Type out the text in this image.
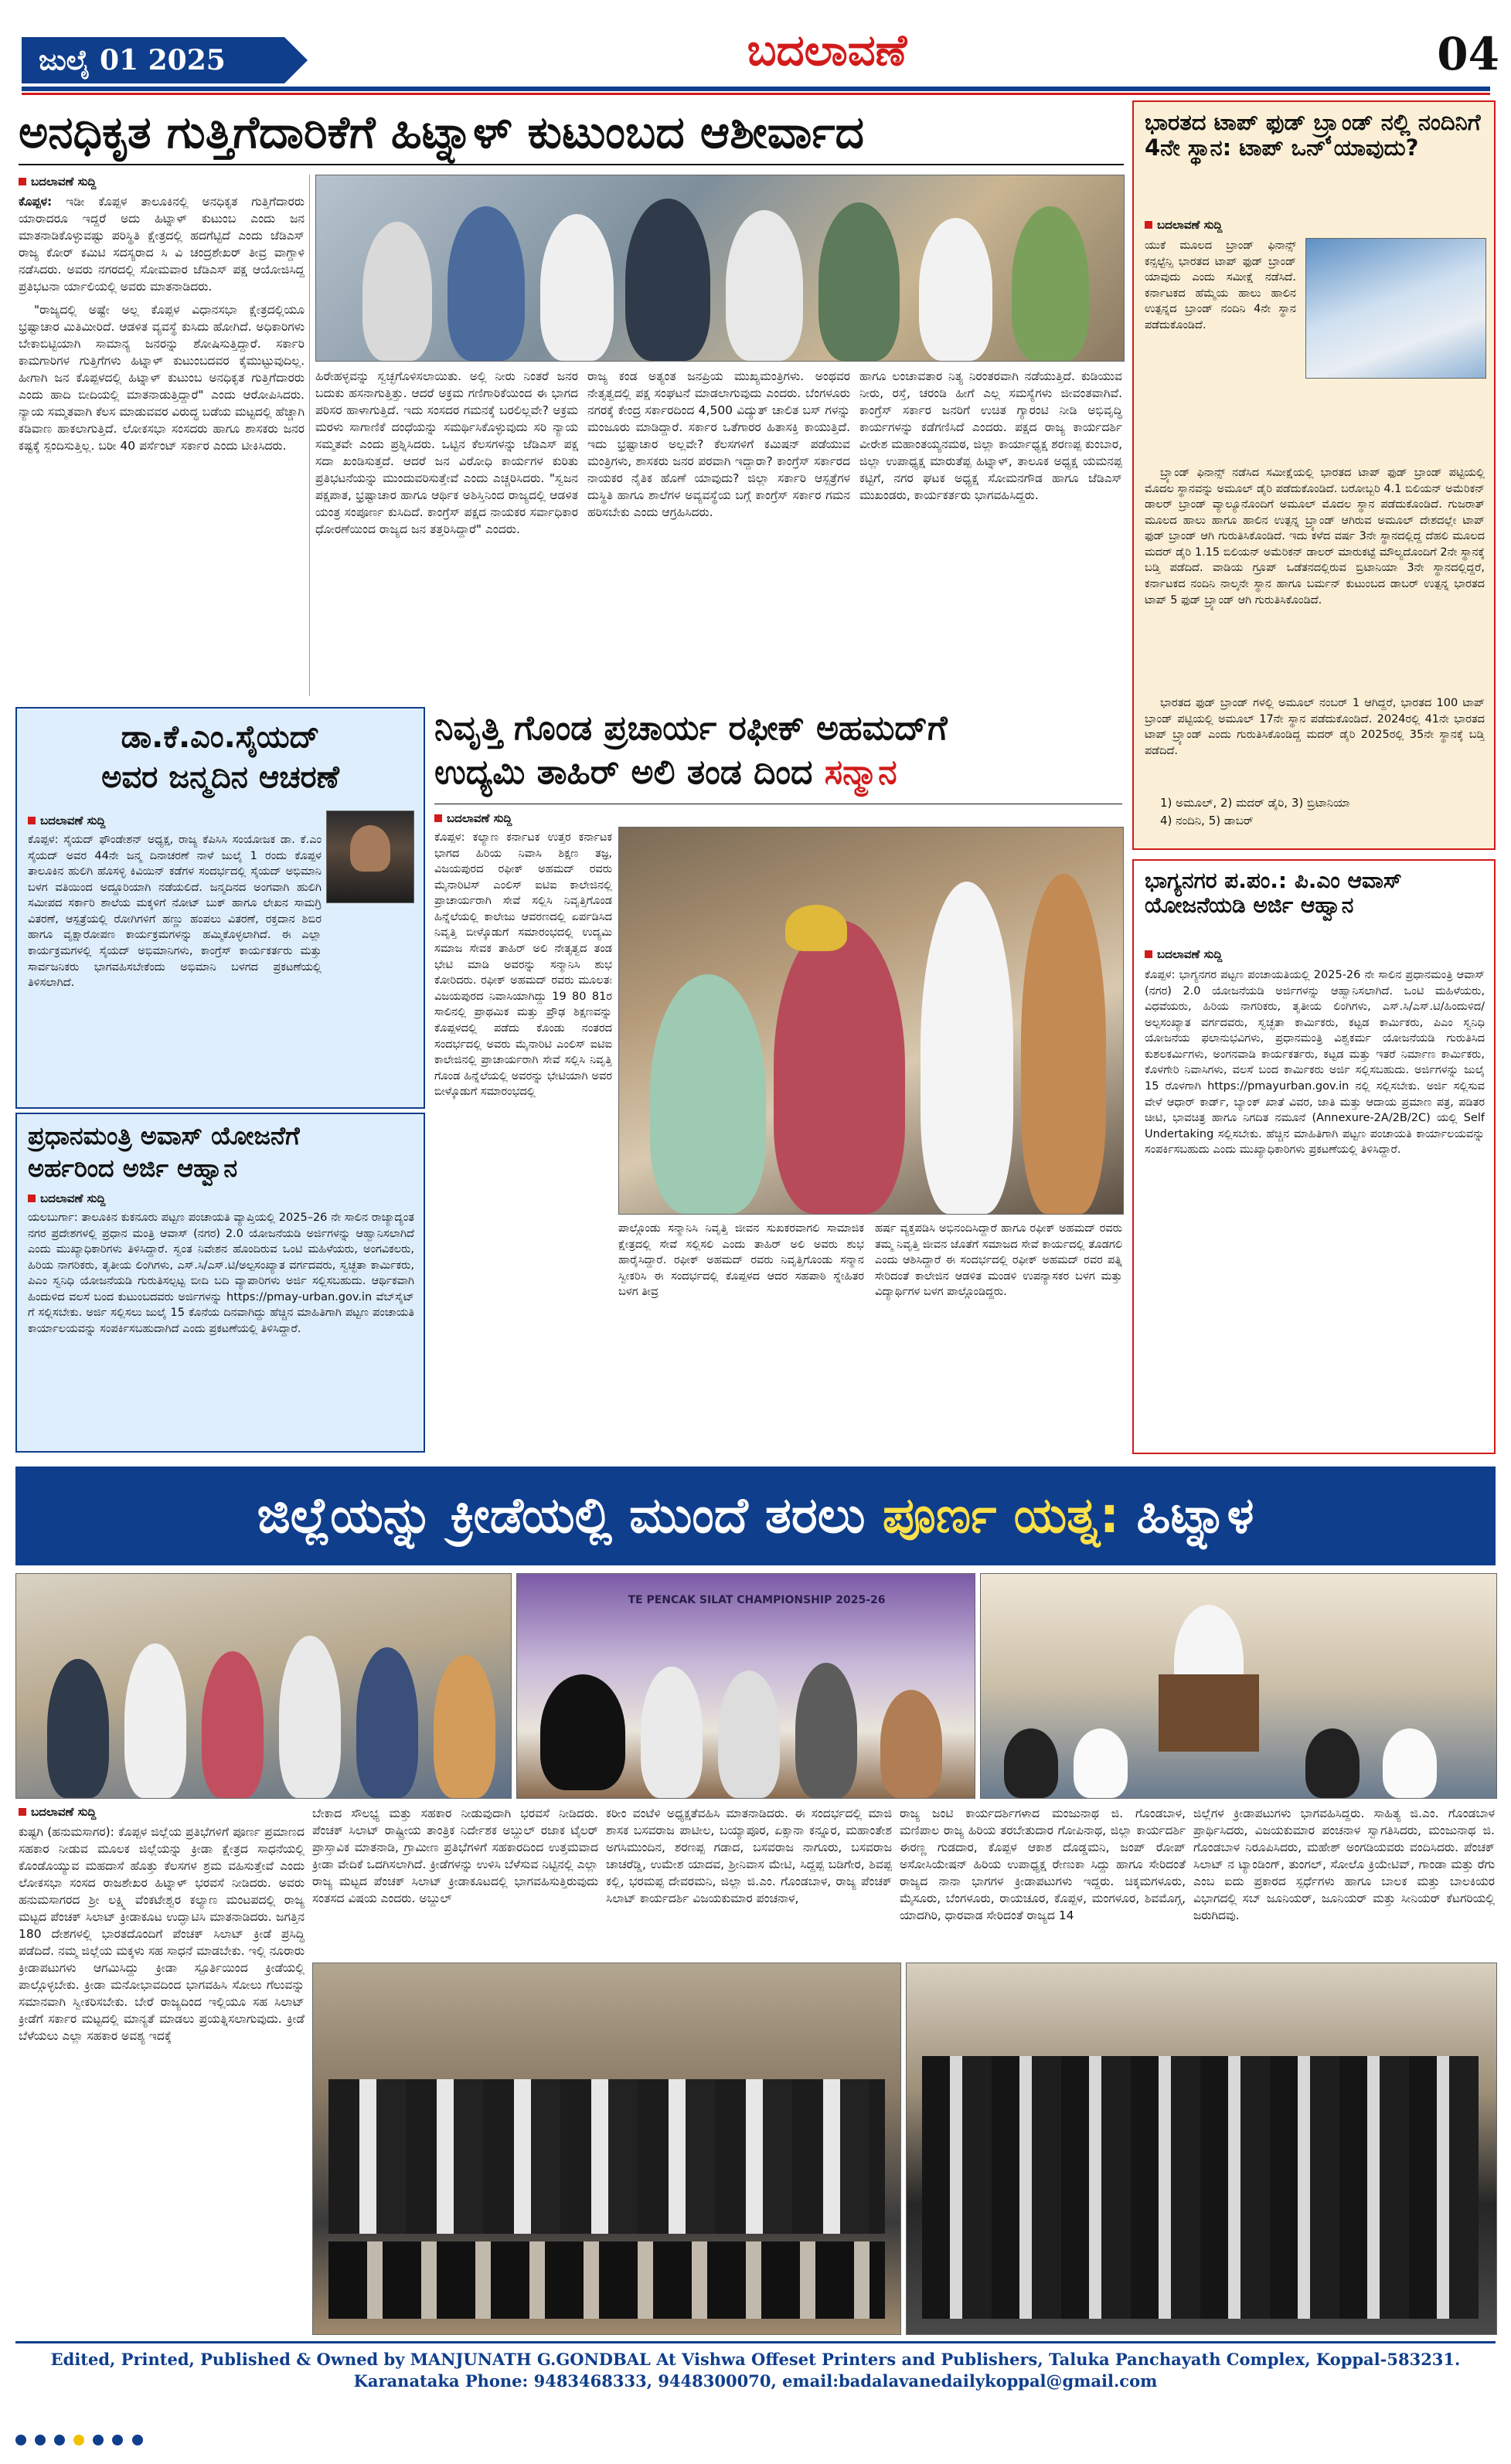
ಜುಲೈ 01 2025	ಬದಲಾವಣೆ	04
ಅನಧಿಕೃತ ಗುತ್ತಿಗೆದಾರಿಕೆಗೆ ಹಿಟ್ನಾಳ್ ಕುಟುಂಬದ ಆಶೀರ್ವಾದ
ಬದಲಾವಣೆ ಸುದ್ದಿ
ಕೊಪ್ಪಳ: ಇಡೀ ಕೊಪ್ಪಳ ತಾಲೂಕಿನಲ್ಲಿ ಅನಧಿಕೃತ ಗುತ್ತಿಗೆದಾರರು ಯಾರಾದರೂ ಇದ್ದರೆ ಅದು ಹಿಟ್ನಾಳ್ ಕುಟುಂಬ ಎಂದು ಜನ ಮಾತನಾಡಿಕೊಳ್ಳುವಷ್ಟು ಪರಿಸ್ಥಿತಿ ಕ್ಷೇತ್ರದಲ್ಲಿ ಹದಗೆಟ್ಟಿದೆ ಎಂದು ಜೆಡಿಎಸ್ ರಾಜ್ಯ ಕೋರ್ ಕಮಿಟಿ ಸದಸ್ಯರಾದ ಸಿ ವಿ ಚಂದ್ರಶೇಖರ್ ತೀವ್ರ ವಾಗ್ದಾಳಿ ನಡೆಸಿದರು. ಅವರು ನಗರದಲ್ಲಿ ಸೋಮವಾರ ಜೆಡಿಎಸ್ ಪಕ್ಷ ಆಯೋಜಿಸಿದ್ದ ಪ್ರತಿಭಟನಾ ರ್ಯಾಲಿಯಲ್ಲಿ ಅವರು ಮಾತನಾಡಿದರು.
"ರಾಜ್ಯದಲ್ಲಿ ಅಷ್ಟೇ ಅಲ್ಲ ಕೊಪ್ಪಳ ವಿಧಾನಸಭಾ ಕ್ಷೇತ್ರದಲ್ಲಿಯೂ ಭ್ರಷ್ಟಾಚಾರ ಮಿತಿಮೀರಿದೆ. ಆಡಳಿತ ವ್ಯವಸ್ಥೆ ಕುಸಿದು ಹೋಗಿದೆ. ಅಧಿಕಾರಿಗಳು ಬೇಕಾಬಿಟ್ಟಿಯಾಗಿ ಸಾಮಾನ್ಯ ಜನರನ್ನು ಶೋಷಿಸುತ್ತಿದ್ದಾರೆ. ಸರ್ಕಾರಿ ಕಾಮಗಾರಿಗಳ ಗುತ್ತಿಗೆಗಳು ಹಿಟ್ನಾಳ್ ಕುಟುಂಬದವರ ಕೈಮುಟ್ಟುವುದಿಲ್ಲ. ಹೀಗಾಗಿ ಜನ ಕೊಪ್ಪಳದಲ್ಲಿ ಹಿಟ್ನಾಳ್ ಕುಟುಂಬ ಅನಧಿಕೃತ ಗುತ್ತಿಗೆದಾರರು ಎಂದು ಹಾದಿ ಬೀದಿಯಲ್ಲಿ ಮಾತನಾಡುತ್ತಿದ್ದಾರೆ" ಎಂದು ಆರೋಪಿಸಿದರು. ನ್ಯಾಯ ಸಮ್ಮತವಾಗಿ ಕೆಲಸ ಮಾಡುವವರ ವಿರುದ್ಧ ಬಡೆಯ ಮಟ್ಟದಲ್ಲಿ ಹೆಚ್ಚಾಗಿ ಕಡಿವಾಣ ಹಾಕಲಾಗುತ್ತಿದೆ. ಲೋಕಸಭಾ ಸಂಸದರು ಹಾಗೂ ಶಾಸಕರು ಜನರ ಕಷ್ಟಕ್ಕೆ ಸ್ಪಂದಿಸುತ್ತಿಲ್ಲ. ಬರೀ 40 ಪರ್ಸೆಂಟ್ ಸರ್ಕಾರ ಎಂದು ಟೀಕಿಸಿದರು.
ಹಿರೇಹಳ್ಳವನ್ನು ಸ್ವಚ್ಛಗೊಳಿಸಲಾಯಿತು. ಅಲ್ಲಿ ನೀರು ನಿಂತರೆ ಜನರ ಬದುಕು ಹಸನಾಗುತ್ತಿತ್ತು. ಆದರೆ ಅಕ್ರಮ ಗಣಿಗಾರಿಕೆಯಿಂದ ಈ ಭಾಗದ ಪರಿಸರ ಹಾಳಾಗುತ್ತಿದೆ. ಇದು ಸಂಸದರ ಗಮನಕ್ಕೆ ಬರಲಿಲ್ಲವೇ? ಅಕ್ರಮ ಮರಳು ಸಾಗಾಣಿಕೆ ದಂಧೆಯನ್ನು ಸಮರ್ಥಿಸಿಕೊಳ್ಳುವುದು ಸರಿ ನ್ಯಾಯ ಸಮ್ಮತವೇ ಎಂದು ಪ್ರಶ್ನಿಸಿದರು. ಒಟ್ಟಿನ ಕೆಲಸಗಳನ್ನು ಜೆಡಿಎಸ್ ಪಕ್ಷ ಸದಾ ಖಂಡಿಸುತ್ತದೆ. ಆದರೆ ಜನ ವಿರೋಧಿ ಕಾರ್ಯಗಳ ಕುರಿತು ಪ್ರತಿಭಟನೆಯನ್ನು ಮುಂದುವರಿಸುತ್ತೇವೆ ಎಂದು ಎಚ್ಚರಿಸಿದರು. "ಸ್ವಜನ ಪಕ್ಷಪಾತ, ಭ್ರಷ್ಟಾಚಾರ ಹಾಗೂ ಆರ್ಥಿಕ ಅಶಿಸ್ತಿನಿಂದ ರಾಜ್ಯದಲ್ಲಿ ಆಡಳಿತ ಯಂತ್ರ ಸಂಪೂರ್ಣ ಕುಸಿದಿದೆ. ಕಾಂಗ್ರೆಸ್ ಪಕ್ಷದ ನಾಯಕರ ಸರ್ವಾಧಿಕಾರ ಧೋರಣೆಯಿಂದ ರಾಜ್ಯದ ಜನ ತತ್ತರಿಸಿದ್ದಾರೆ" ಎಂದರು.
ರಾಜ್ಯ ಕಂಡ ಅತ್ಯಂತ ಜನಪ್ರಿಯ ಮುಖ್ಯಮಂತ್ರಿಗಳು. ಅಂಥವರ ನೇತೃತ್ವದಲ್ಲಿ ಪಕ್ಷ ಸಂಘಟನೆ ಮಾಡಲಾಗುವುದು ಎಂದರು. ಬೆಂಗಳೂರು ನಗರಕ್ಕೆ ಕೇಂದ್ರ ಸರ್ಕಾರದಿಂದ 4,500 ವಿದ್ಯುತ್ ಚಾಲಿತ ಬಸ್ ಗಳನ್ನು ಮಂಜೂರು ಮಾಡಿದ್ದಾರೆ. ಸರ್ಕಾರ ಒತೆಗಾರರ ಹಿತಾಸಕ್ತಿ ಕಾಯುತ್ತಿದೆ. ಇದು ಭ್ರಷ್ಟಾಚಾರ ಅಲ್ಲವೇ? ಕೆಲಸಗಳಿಗೆ ಕಮಿಷನ್ ಪಡೆಯುವ ಮಂತ್ರಿಗಳು, ಶಾಸಕರು ಜನರ ಪರವಾಗಿ ಇದ್ದಾರಾ? ಕಾಂಗ್ರೆಸ್ ಸರ್ಕಾರದ ನಾಯಕರ ನೈತಿಕ ಹೊಣೆ ಯಾವುದು? ಜಿಲ್ಲಾ ಸರ್ಕಾರಿ ಆಸ್ಪತ್ರೆಗಳ ದುಸ್ಥಿತಿ ಹಾಗೂ ಶಾಲೆಗಳ ಅವ್ಯವಸ್ಥೆಯ ಬಗ್ಗೆ ಕಾಂಗ್ರೆಸ್ ಸರ್ಕಾರ ಗಮನ ಹರಿಸಬೇಕು ಎಂದು ಆಗ್ರಹಿಸಿದರು.
ಹಾಗೂ ಲಂಚಾವತಾರ ನಿತ್ಯ ನಿರಂತರವಾಗಿ ನಡೆಯುತ್ತಿದೆ. ಕುಡಿಯುವ ನೀರು, ರಸ್ತೆ, ಚರಂಡಿ ಹೀಗೆ ಎಲ್ಲ ಸಮಸ್ಯೆಗಳು ಜೀವಂತವಾಗಿವೆ. ಕಾಂಗ್ರೆಸ್ ಸರ್ಕಾರ ಜನರಿಗೆ ಉಚಿತ ಗ್ಯಾರಂಟಿ ನೀಡಿ ಅಭಿವೃದ್ಧಿ ಕಾರ್ಯಗಳನ್ನು ಕಡೆಗಣಿಸಿದೆ ಎಂದರು. ಪಕ್ಷದ ರಾಜ್ಯ ಕಾರ್ಯದರ್ಶಿ ವೀರೇಶ ಮಹಾಂತಯ್ಯನಮಠ, ಜಿಲ್ಲಾ ಕಾರ್ಯಾಧ್ಯಕ್ಷ ಶರಣಪ್ಪ ಕುಂಬಾರ, ಜಿಲ್ಲಾ ಉಪಾಧ್ಯಕ್ಷ ಮಾರುತೆಪ್ಪ ಹಿಟ್ನಾಳ್, ತಾಲೂಕ ಅಧ್ಯಕ್ಷ ಯಮನಪ್ಪ ಕಟ್ಟಿಗೆ, ನಗರ ಘಟಕ ಅಧ್ಯಕ್ಷ ಸೋಮನಗೌಡ ಹಾಗೂ ಜೆಡಿಎಸ್ ಮುಖಂಡರು, ಕಾರ್ಯಕರ್ತರು ಭಾಗವಹಿಸಿದ್ದರು.
ಭಾರತದ ಟಾಪ್ ಫುಡ್ ಬ್ರ್ಯಾಂಡ್ ನಲ್ಲಿ ನಂದಿನಿಗೆ 4ನೇ ಸ್ಥಾನ: ಟಾಪ್ ಒನ್ ಯಾವುದು?
ಬದಲಾವಣೆ ಸುದ್ದಿ
ಯುಕೆ ಮೂಲದ ಬ್ರಾಂಡ್ ಫಿನಾನ್ಸ್ ಕನ್ಸಲ್ಟೆನ್ಸಿ ಭಾರತದ ಟಾಪ್ ಫುಡ್ ಬ್ರಾಂಡ್ ಯಾವುದು ಎಂದು ಸಮೀಕ್ಷೆ ನಡೆಸಿದೆ. ಕರ್ನಾಟಕದ ಹೆಮ್ಮೆಯ ಹಾಲು ಹಾಲಿನ ಉತ್ಪನ್ನದ ಬ್ರಾಂಡ್ ನಂದಿನಿ 4ನೇ ಸ್ಥಾನ ಪಡೆದುಕೊಂಡಿದೆ.
ಬ್ರ್ಯಾಂಡ್ ಫಿನಾನ್ಸ್ ನಡೆಸಿದ ಸಮೀಕ್ಷೆಯಲ್ಲಿ ಭಾರತದ ಟಾಪ್ ಫುಡ್ ಬ್ರಾಂಡ್ ಪಟ್ಟಿಯಲ್ಲಿ ಮೊದಲ ಸ್ಥಾನವನ್ನು ಅಮೂಲ್ ಡೈರಿ ಪಡೆದುಕೊಂಡಿದೆ. ಬರೋಬ್ಬರಿ 4.1 ಬಿಲಿಯನ್ ಅಮೆರಿಕನ್ ಡಾಲರ್ ಬ್ರಾಂಡ್ ವ್ಯಾಲ್ಯೂನೊಂದಿಗೆ ಅಮೂಲ್ ಮೊದಲ ಸ್ಥಾನ ಪಡೆದುಕೊಂಡಿದೆ. ಗುಜರಾತ್ ಮೂಲದ ಹಾಲು ಹಾಗೂ ಹಾಲಿನ ಉತ್ಪನ್ನ ಬ್ರ್ಯಾಂಡ್ ಆಗಿರುವ ಅಮೂಲ್ ದೇಶದಲ್ಲೇ ಟಾಪ್ ಫುಡ್ ಬ್ರಾಂಡ್ ಆಗಿ ಗುರುತಿಸಿಕೊಂಡಿದೆ. ಇದು ಕಳೆದ ವರ್ಷ 3ನೇ ಸ್ಥಾನದಲ್ಲಿದ್ದ ದೆಹಲಿ ಮೂಲದ ಮದರ್ ಡೈರಿ 1.15 ಬಿಲಿಯನ್ ಅಮೆರಿಕನ್ ಡಾಲರ್ ಮಾರುಕಟ್ಟೆ ಮೌಲ್ಯದೊಂದಿಗೆ 2ನೇ ಸ್ಥಾನಕ್ಕೆ ಬಡ್ತಿ ಪಡೆದಿದೆ. ವಾಡಿಯ ಗ್ರೂಪ್ ಒಡೆತನದಲ್ಲಿರುವ ಬ್ರಿಟಾನಿಯಾ 3ನೇ ಸ್ಥಾನದಲ್ಲಿದ್ದರೆ, ಕರ್ನಾಟಕದ ನಂದಿನಿ ನಾಲ್ಕನೇ ಸ್ಥಾನ ಹಾಗೂ ಬರ್ಮನ್ ಕುಟುಂಬದ ಡಾಬರ್ ಉತ್ಪನ್ನ ಭಾರತದ ಟಾಪ್ 5 ಫುಡ್ ಬ್ರ್ಯಾಂಡ್ ಆಗಿ ಗುರುತಿಸಿಕೊಂಡಿದೆ.
ಭಾರತದ ಫುಡ್ ಬ್ರಾಂಡ್ ಗಳಲ್ಲಿ ಅಮೂಲ್ ನಂಬರ್ 1 ಆಗಿದ್ದರೆ, ಭಾರತದ 100 ಟಾಪ್ ಬ್ರಾಂಡ್ ಪಟ್ಟಿಯಲ್ಲಿ ಅಮೂಲ್ 17ನೇ ಸ್ಥಾನ ಪಡೆದುಕೊಂಡಿದೆ. 2024ರಲ್ಲಿ 41ನೇ ಭಾರತದ ಟಾಪ್ ಬ್ರ್ಯಾಂಡ್ ಎಂದು ಗುರುತಿಸಿಕೊಂಡಿದ್ದ ಮದರ್ ಡೈರಿ 2025ರಲ್ಲಿ 35ನೇ ಸ್ಥಾನಕ್ಕೆ ಬಡ್ತಿ ಪಡೆದಿದೆ.
1) ಅಮೂಲ್, 2) ಮದರ್ ಡೈರಿ, 3) ಬ್ರಿಟಾನಿಯಾ
4) ನಂದಿನಿ, 5) ಡಾಬರ್
ಭಾಗ್ಯನಗರ ಪ.ಪಂ.: ಪಿ.ಎಂ ಆವಾಸ್ ಯೋಜನೆಯಡಿ ಅರ್ಜಿ ಆಹ್ವಾನ
ಬದಲಾವಣೆ ಸುದ್ದಿ
ಕೊಪ್ಪಳ: ಭಾಗ್ಯನಗರ ಪಟ್ಟಣ ಪಂಚಾಯತಿಯಲ್ಲಿ 2025-26 ನೇ ಸಾಲಿನ ಪ್ರಧಾನಮಂತ್ರಿ ಆವಾಸ್ (ನಗರ) 2.0 ಯೋಜನೆಯಡಿ ಅರ್ಜಿಗಳನ್ನು ಆಹ್ವಾನಿಸಲಾಗಿದೆ. ಒಂಟಿ ಮಹಿಳೆಯರು, ವಿಧವೆಯರು, ಹಿರಿಯ ನಾಗರಿಕರು, ತೃತೀಯ ಲಿಂಗಿಗಳು, ಎಸ್.ಸಿ/ಎಸ್.ಟಿ/ಹಿಂದುಳಿದ/ಅಲ್ಪಸಂಖ್ಯಾತ ವರ್ಗದವರು, ಸ್ವಚ್ಛತಾ ಕಾರ್ಮಿಕರು, ಕಟ್ಟಡ ಕಾರ್ಮಿಕರು, ಪಿಎಂ ಸ್ವನಿಧಿ ಯೋಜನೆಯ ಫಲಾನುಭವಿಗಳು, ಪ್ರಧಾನಮಂತ್ರಿ ವಿಶ್ವಕರ್ಮ ಯೋಜನೆಯಡಿ ಗುರುತಿಸಿದ ಕುಶಲಕರ್ಮಿಗಳು, ಅಂಗನವಾಡಿ ಕಾರ್ಯಕರ್ತರು, ಕಟ್ಟಡ ಮತ್ತು ಇತರೆ ನಿರ್ಮಾಣ ಕಾರ್ಮಿಕರು, ಕೊಳಗೇರಿ ನಿವಾಸಿಗಳು, ವಲಸೆ ಬಂದ ಕಾರ್ಮಿಕರು ಅರ್ಜಿ ಸಲ್ಲಿಸಬಹುದು. ಅರ್ಜಿಗಳನ್ನು ಜುಲೈ 15 ರೊಳಗಾಗಿ https://pmayurban.gov.in ನಲ್ಲಿ ಸಲ್ಲಿಸಬೇಕು. ಅರ್ಜಿ ಸಲ್ಲಿಸುವ ವೇಳೆ ಆಧಾರ್ ಕಾರ್ಡ್, ಬ್ಯಾಂಕ್ ಖಾತೆ ವಿವರ, ಜಾತಿ ಮತ್ತು ಆದಾಯ ಪ್ರಮಾಣ ಪತ್ರ, ಪಡಿತರ ಚೀಟಿ, ಭಾವಚಿತ್ರ ಹಾಗೂ ನಿಗದಿತ ನಮೂನೆ (Annexure-2A/2B/2C) ಯಲ್ಲಿ Self Undertaking ಸಲ್ಲಿಸಬೇಕು. ಹೆಚ್ಚಿನ ಮಾಹಿತಿಗಾಗಿ ಪಟ್ಟಣ ಪಂಚಾಯತಿ ಕಾರ್ಯಾಲಯವನ್ನು ಸಂಪರ್ಕಿಸಬಹುದು ಎಂದು ಮುಖ್ಯಾಧಿಕಾರಿಗಳು ಪ್ರಕಟಣೆಯಲ್ಲಿ ತಿಳಿಸಿದ್ದಾರೆ.
ಡಾ.ಕೆ.ಎಂ.ಸೈಯದ್
ಅವರ ಜನ್ಮದಿನ ಆಚರಣೆ
ಬದಲಾವಣೆ ಸುದ್ದಿ
ಕೊಪ್ಪಳ: ಸೈಯದ್ ಫೌಂಡೇಶನ್ ಅಧ್ಯಕ್ಷ, ರಾಜ್ಯ ಕೆಪಿಸಿಸಿ ಸಂಯೋಜಕ ಡಾ. ಕೆ.ಎಂ ಸೈಯದ್ ಅವರ 44ನೇ ಜನ್ಮ ದಿನಾಚರಣೆ ನಾಳೆ ಜುಲೈ 1 ರಂದು ಕೊಪ್ಪಳ ತಾಲೂಕಿನ ಹುಲಿಗಿ ಹೊಸಳ್ಳಿ ಕಿವಿಯಿನ್ ಕಡೆಗಳ ಸಂದರ್ಭದಲ್ಲಿ ಸೈಯದ್ ಅಭಿಮಾನಿ ಬಳಗ ವತಿಯಿಂದ ಅದ್ದೂರಿಯಾಗಿ ನಡೆಯಲಿದೆ. ಜನ್ಮದಿನದ ಅಂಗವಾಗಿ ಹುಲಿಗಿ ಸಮೀಪದ ಸರ್ಕಾರಿ ಶಾಲೆಯ ಮಕ್ಕಳಿಗೆ ನೋಟ್ ಬುಕ್ ಹಾಗೂ ಲೇಖನ ಸಾಮಗ್ರಿ ವಿತರಣೆ, ಆಸ್ಪತ್ರೆಯಲ್ಲಿ ರೋಗಿಗಳಿಗೆ ಹಣ್ಣು ಹಂಪಲು ವಿತರಣೆ, ರಕ್ತದಾನ ಶಿಬಿರ ಹಾಗೂ ವೃಕ್ಷಾರೋಪಣ ಕಾರ್ಯಕ್ರಮಗಳನ್ನು ಹಮ್ಮಿಕೊಳ್ಳಲಾಗಿದೆ. ಈ ಎಲ್ಲಾ ಕಾರ್ಯಕ್ರಮಗಳಲ್ಲಿ ಸೈಯದ್ ಅಭಿಮಾನಿಗಳು, ಕಾಂಗ್ರೆಸ್ ಕಾರ್ಯಕರ್ತರು ಮತ್ತು ಸಾರ್ವಜನಿಕರು ಭಾಗವಹಿಸಬೇಕೆಂದು ಅಭಿಮಾನಿ ಬಳಗದ ಪ್ರಕಟಣೆಯಲ್ಲಿ ತಿಳಿಸಲಾಗಿದೆ.
ಪ್ರಧಾನಮಂತ್ರಿ ಅವಾಸ್ ಯೋಜನೆಗೆ
ಅರ್ಹರಿಂದ ಅರ್ಜಿ ಆಹ್ವಾನ
ಬದಲಾವಣೆ ಸುದ್ದಿ
ಯಲಬುರ್ಗಾ: ತಾಲೂಕಿನ ಕುಕನೂರು ಪಟ್ಟಣ ಪಂಚಾಯತಿ ವ್ಯಾಪ್ತಿಯಲ್ಲಿ 2025–26 ನೇ ಸಾಲಿನ ರಾಜ್ಯಾದ್ಯಂತ ನಗರ ಪ್ರದೇಶಗಳಲ್ಲಿ ಪ್ರಧಾನ ಮಂತ್ರಿ ಆವಾಸ್ (ನಗರ) 2.0 ಯೋಜನೆಯಡಿ ಅರ್ಜಿಗಳನ್ನು ಆಹ್ವಾನಿಸಲಾಗಿದೆ ಎಂದು ಮುಖ್ಯಾಧಿಕಾರಿಗಳು ತಿಳಿಸಿದ್ದಾರೆ. ಸ್ವಂತ ನಿವೇಶನ ಹೊಂದಿರುವ ಒಂಟಿ ಮಹಿಳೆಯರು, ಅಂಗವಿಕಲರು, ಹಿರಿಯ ನಾಗರಿಕರು, ತೃತೀಯ ಲಿಂಗಿಗಳು, ಎಸ್.ಸಿ/ಎಸ್.ಟಿ/ಅಲ್ಪಸಂಖ್ಯಾತ ವರ್ಗದವರು, ಸ್ವಚ್ಛತಾ ಕಾರ್ಮಿಕರು, ಪಿಎಂ ಸ್ವನಿಧಿ ಯೋಜನೆಯಡಿ ಗುರುತಿಸಲ್ಪಟ್ಟ ಬೀದಿ ಬದಿ ವ್ಯಾಪಾರಿಗಳು ಅರ್ಜಿ ಸಲ್ಲಿಸಬಹುದು. ಆರ್ಥಿಕವಾಗಿ ಹಿಂದುಳಿದ ವಲಸೆ ಬಂದ ಕುಟುಂಬದವರು ಅರ್ಜಿಗಳನ್ನು https://pmay-urban.gov.in ವೆಬ್‌ಸೈಟ್ ಗೆ ಸಲ್ಲಿಸಬೇಕು. ಅರ್ಜಿ ಸಲ್ಲಿಸಲು ಜುಲೈ 15 ಕೊನೆಯ ದಿನವಾಗಿದ್ದು ಹೆಚ್ಚಿನ ಮಾಹಿತಿಗಾಗಿ ಪಟ್ಟಣ ಪಂಚಾಯತಿ ಕಾರ್ಯಾಲಯವನ್ನು ಸಂಪರ್ಕಿಸಬಹುದಾಗಿದೆ ಎಂದು ಪ್ರಕಟಣೆಯಲ್ಲಿ ತಿಳಿಸಿದ್ದಾರೆ.
ನಿವೃತ್ತಿ ಗೊಂಡ ಪ್ರಚಾರ್ಯ ರಫೀಕ್ ಅಹಮದ್‌ಗೆ
ಉದ್ಯಮಿ ತಾಹಿರ್ ಅಲಿ ತಂಡ ದಿಂದ ಸನ್ಮಾನ
ಬದಲಾವಣೆ ಸುದ್ದಿ
ಕೊಪ್ಪಳ: ಕಲ್ಯಾಣ ಕರ್ನಾಟಕ ಉತ್ತರ ಕರ್ನಾಟಕ ಭಾಗದ ಹಿರಿಯ ನಿವಾಸಿ ಶಿಕ್ಷಣ ತಜ್ಞ, ವಿಜಯಪುರದ ರಫೀಕ್ ಅಹಮದ್ ರವರು ಮೈನಾರಿಟಿಸ್ ಎಂಲಿಸ್ ಐಟಿಐ ಕಾಲೇಜಿನಲ್ಲಿ ಪ್ರಾಚಾರ್ಯರಾಗಿ ಸೇವೆ ಸಲ್ಲಿಸಿ ನಿವೃತ್ತಿಗೊಂಡ ಹಿನ್ನೆಲೆಯಲ್ಲಿ ಕಾಲೇಜು ಆವರಣದಲ್ಲಿ ಏರ್ಪಡಿಸಿದ ನಿವೃತ್ತಿ ಬೀಳ್ಕೊಡುಗೆ ಸಮಾರಂಭದಲ್ಲಿ ಉದ್ಯಮಿ ಸಮಾಜ ಸೇವಕ ತಾಹಿರ್ ಅಲಿ ನೇತೃತ್ವದ ತಂಡ ಭೇಟಿ ಮಾಡಿ ಅವರನ್ನು ಸನ್ಮಾನಿಸಿ ಶುಭ ಕೋರಿದರು. ರಫೀಕ್ ಅಹಮದ್ ರವರು ಮೂಲತಃ ವಿಜಯಪುರದ ನಿವಾಸಿಯಾಗಿದ್ದು 19 80 81ರ ಸಾಲಿನಲ್ಲಿ ಪ್ರಾಥಮಿಕ ಮತ್ತು ಪ್ರೌಢ ಶಿಕ್ಷಣವನ್ನು ಕೊಪ್ಪಳದಲ್ಲಿ ಪಡೆದು ಕೊಂಡು ನಂತರದ ಸಂದರ್ಭದಲ್ಲಿ ಅವರು ಮೈನಾರಿಟಿ ಎಂಲಿಸ್ ಐಟಿಐ ಕಾಲೇಜಿನಲ್ಲಿ ಪ್ರಾಚಾರ್ಯರಾಗಿ ಸೇವೆ ಸಲ್ಲಿಸಿ ನಿವೃತ್ತಿ ಗೊಂಡ ಹಿನ್ನೆಲೆಯಲ್ಲಿ ಅವರನ್ನು ಭೇಟಿಯಾಗಿ ಅವರ ಬೀಳ್ಕೊಡುಗೆ ಸಮಾರಂಭದಲ್ಲಿ
ಪಾಲ್ಗೊಂಡು ಸನ್ಮಾನಿಸಿ ನಿವೃತ್ತಿ ಜೀವನ ಸುಖಕರವಾಗಲಿ ಸಾಮಾಜಿಕ ಕ್ಷೇತ್ರದಲ್ಲಿ ಸೇವೆ ಸಲ್ಲಿಸಲಿ ಎಂದು ತಾಹಿರ್ ಅಲಿ ಅವರು ಶುಭ ಹಾರೈಸಿದ್ದಾರೆ. ರಫೀಕ್ ಅಹಮದ್ ರವರು ನಿವೃತ್ತಿಗೊಂಡು ಸನ್ಮಾನ ಸ್ವೀಕರಿಸಿ ಈ ಸಂದರ್ಭದಲ್ಲಿ ಕೊಪ್ಪಳದ ಆದರ ಸಹಪಾಠಿ ಸ್ನೇಹಿತರ ಬಳಗ ತೀವ್ರ
ಹರ್ಷ ವ್ಯಕ್ತಪಡಿಸಿ ಅಭಿನಂದಿಸಿದ್ದಾರೆ ಹಾಗೂ ರಫೀಕ್ ಅಹಮದ್ ರವರು ತಮ್ಮ ನಿವೃತ್ತಿ ಜೀವನ ಜೊತೆಗೆ ಸಮಾಜದ ಸೇವೆ ಕಾರ್ಯದಲ್ಲಿ ತೊಡಗಲಿ ಎಂದು ಆಶಿಸಿದ್ದಾರೆ ಈ ಸಂದರ್ಭದಲ್ಲಿ ರಫೀಕ್ ಅಹಮದ್ ರವರ ಪತ್ನಿ ಸೇರಿದಂತೆ ಕಾಲೇಜಿನ ಆಡಳಿತ ಮಂಡಳಿ ಉಪನ್ಯಾಸಕರ ಬಳಗ ಮತ್ತು ವಿದ್ಯಾರ್ಥಿಗಳ ಬಳಗ ಪಾಲ್ಗೊಂಡಿದ್ದರು.
ಜಿಲ್ಲೆಯನ್ನು ಕ್ರೀಡೆಯಲ್ಲಿ ಮುಂದೆ ತರಲು ಪೂರ್ಣ ಯತ್ನ: ಹಿಟ್ನಾಳ
TE PENCAK SILAT CHAMPIONSHIP 2025-26
ಬದಲಾವಣೆ ಸುದ್ದಿ
ಕುಷ್ಟಗಿ (ಹನುಮಸಾಗರ): ಕೊಪ್ಪಳ ಜಿಲ್ಲೆಯ ಪ್ರತಿಭೆಗಳಿಗೆ ಪೂರ್ಣ ಪ್ರಮಾಣದ ಸಹಕಾರ ನೀಡುವ ಮೂಲಕ ಜಿಲ್ಲೆಯನ್ನು ಕ್ರೀಡಾ ಕ್ಷೇತ್ರದ ಸಾಧನೆಯಲ್ಲಿ ಕೊಂಡೊಯ್ಯುವ ಮಹದಾಸೆ ಹೊತ್ತು ಕೆಲಸಗಳ ಶ್ರಮ ವಹಿಸುತ್ತೇವೆ ಎಂದು ಲೋಕಸಭಾ ಸಂಸದ ರಾಜಶೇಖರ ಹಿಟ್ನಾಳ್ ಭರವಸೆ ನೀಡಿದರು. ಅವರು ಹನುಮಸಾಗರದ ಶ್ರೀ ಲಕ್ಷ್ಮಿ ವೆಂಕಟೇಶ್ವರ ಕಲ್ಯಾಣ ಮಂಟಪದಲ್ಲಿ ರಾಜ್ಯ ಮಟ್ಟದ ಪೆಂಚಕ್ ಸಿಲಾಟ್ ಕ್ರೀಡಾಕೂಟ ಉದ್ಘಾಟಿಸಿ ಮಾತನಾಡಿದರು. ಜಗತ್ತಿನ 180 ದೇಶಗಳಲ್ಲಿ ಭಾರತದೊಂದಿಗೆ ಪೆಂಚಕ್ ಸಿಲಾಟ್ ಕ್ರೀಡೆ ಪ್ರಸಿದ್ಧಿ ಪಡೆದಿದೆ. ನಮ್ಮ ಜಿಲ್ಲೆಯ ಮಕ್ಕಳು ಸಹ ಸಾಧನೆ ಮಾಡಬೇಕು. ಇಲ್ಲಿ ನೂರಾರು ಕ್ರೀಡಾಪಟುಗಳು ಆಗಮಿಸಿದ್ದು ಕ್ರೀಡಾ ಸ್ಪೂರ್ತಿಯಿಂದ ಕ್ರೀಡೆಯಲ್ಲಿ ಪಾಲ್ಗೊಳ್ಳಬೇಕು. ಕ್ರೀಡಾ ಮನೋಭಾವದಿಂದ ಭಾಗವಹಿಸಿ ಸೋಲು ಗೆಲುವನ್ನು ಸಮಾನವಾಗಿ ಸ್ವೀಕರಿಸಬೇಕು. ಬೇರೆ ರಾಜ್ಯದಿಂದ ಇಲ್ಲಿಯೂ ಸಹ ಸಿಲಾಟ್ ಕ್ರೀಡೆಗೆ ಸರ್ಕಾರ ಮಟ್ಟದಲ್ಲಿ ಮಾನ್ಯತೆ ಮಾಡಲು ಪ್ರಯತ್ನಿಸಲಾಗುವುದು. ಕ್ರೀಡೆ ಬೆಳೆಯಲು ಎಲ್ಲಾ ಸಹಕಾರ ಅವಶ್ಯ ಇದಕ್ಕೆ
ಬೇಕಾದ ಸೌಲಭ್ಯ ಮತ್ತು ಸಹಕಾರ ನೀಡುವುದಾಗಿ ಭರವಸೆ ನೀಡಿದರು. ಪೆಂಚಕ್ ಸಿಲಾಟ್ ರಾಷ್ಟ್ರೀಯ ತಾಂತ್ರಿಕ ನಿರ್ದೇಶಕ ಅಬ್ದುಲ್ ರಜಾಕ ಟೈಲರ್ ಪ್ರಾಸ್ತಾವಿಕ ಮಾತನಾಡಿ, ಗ್ರಾಮೀಣ ಪ್ರತಿಭೆಗಳಿಗೆ ಸಹಕಾರದಿಂದ ಉತ್ತಮವಾದ ಕ್ರೀಡಾ ವೇದಿಕೆ ಒದಗಿಸಲಾಗಿದೆ. ಕ್ರೀಡೆಗಳನ್ನು ಉಳಿಸಿ ಬೆಳೆಸುವ ನಿಟ್ಟಿನಲ್ಲಿ ಎಲ್ಲಾ ರಾಜ್ಯ ಮಟ್ಟದ ಪೆಂಚಕ್ ಸಿಲಾಟ್ ಕ್ರೀಡಾಕೂಟದಲ್ಲಿ ಭಾಗವಹಿಸುತ್ತಿರುವುದು ಸಂತಸದ ವಿಷಯ ಎಂದರು. ಅಬ್ದುಲ್
ಕರೀಂ ವಂಟೆಳಿ ಅಧ್ಯಕ್ಷತೆವಹಿಸಿ ಮಾತನಾಡಿದರು. ಈ ಸಂದರ್ಭದಲ್ಲಿ ಮಾಜಿ ಶಾಸಕ ಬಸವರಾಜ ಪಾಟೀಲ, ಬಯ್ಯಾಪೂರ, ಏಕ್ಸಾನಾ ಕನ್ನೂರ, ಮಹಾಂತೇಶ ಅಗಸಿಮುಂದಿನ, ಶರಣಪ್ಪ ಗಡಾದ, ಬಸವರಾಜ ನಾಗೂರು, ಬಸವರಾಜ ಚಾಚರೆಡ್ಡಿ, ಉಮೇಶ ಯಾದವ, ಶ್ರೀನಿವಾಸ ಮೇಟಿ, ಸಿದ್ದಪ್ಪ ಬಡಿಗೇರ, ಶಿವಪ್ಪ ಕಲ್ಲಿ, ಭರಮಪ್ಪ ದೇವರಮನಿ, ಜಿಲ್ಲಾ ಜಿ.ಎಂ. ಗೊಂಡಬಾಳ, ರಾಜ್ಯ ಪೆಂಚಕ್ ಸಿಲಾಟ್ ಕಾರ್ಯದರ್ಶಿ ವಿಜಯಕುಮಾರ ಪಂಚನಾಳ,
ರಾಜ್ಯ ಜಂಟಿ ಕಾರ್ಯದರ್ಶಿಗಳಾದ ಮಂಜುನಾಥ ಜಿ. ಗೊಂಡಬಾಳ, ಮಣಿಪಾಲ ರಾಜ್ಯ ಹಿರಿಯ ತರಬೇತುದಾರ ಗೋಪಿನಾಥ, ಜಿಲ್ಲಾ ಕಾರ್ಯದರ್ಶಿ ಈರಣ್ಣ ಗುಡದಾರ, ಕೊಪ್ಪಳ ಆಕಾಶ ದೊಡ್ಡಮನಿ, ಜಂಪ್ ರೋಪ್ ಅಸೋಸಿಯೇಷನ್ ಹಿರಿಯ ಉಪಾಧ್ಯಕ್ಷ ರೇಣುಕಾ ಸಿದ್ದು ಹಾಗೂ ಸೇರಿದಂತೆ ರಾಜ್ಯದ ನಾನಾ ಭಾಗಗಳ ಕ್ರೀಡಾಪಟುಗಳು ಇದ್ದರು. ಚಿಕ್ಕಮಗಳೂರು, ಮೈಸೂರು, ಬೆಂಗಳೂರು, ರಾಯಚೂರ, ಕೊಪ್ಪಳ, ಮಂಗಳೂರ, ಶಿವಮೊಗ್ಗ, ಯಾದಗಿರಿ, ಧಾರವಾಡ ಸೇರಿದಂತೆ ರಾಜ್ಯದ 14
ಜಿಲ್ಲೆಗಳ ಕ್ರೀಡಾಪಟುಗಳು ಭಾಗವಹಿಸಿದ್ದರು. ಸಾಹಿತ್ಯ ಜಿ.ಎಂ. ಗೊಂಡಬಾಳ ಪ್ರಾರ್ಥಿಸಿದರು, ವಿಜಯಕುಮಾರ ಪಂಚನಾಳ ಸ್ವಾಗತಿಸಿದರು, ಮಂಜುನಾಥ ಜಿ. ಗೊಂಡಬಾಳ ನಿರೂಪಿಸಿದರು, ಮಹೇಶ್ ಅಂಗಡಿಯವರು ವಂದಿಸಿದರು. ಪೆಂಚಕ್ ಸಿಲಾಟ್ ನ ಟ್ಯಾಂಡಿಂಗ್, ತುಂಗಲ್, ಸೋಲೊ ಕ್ರಿಯೇಟಿವ್, ಗಾಂಡಾ ಮತ್ತು ರೆಗು ಎಂಬ ಐದು ಪ್ರಕಾರದ ಸ್ಪರ್ಧೆಗಳು ಹಾಗೂ ಬಾಲಕ ಮತ್ತು ಬಾಲಕಿಯರ ವಿಭಾಗದಲ್ಲಿ ಸಬ್ ಜೂನಿಯರ್, ಜೂನಿಯರ್ ಮತ್ತು ಸೀನಿಯರ್ ಕೆಟಗರಿಯಲ್ಲಿ ಜರುಗಿದವು.
Edited, Printed, Published & Owned by MANJUNATH G.GONDBAL At Vishwa Offeset Printers and Publishers, Taluka Panchayath Complex, Koppal-583231.
Karanataka Phone: 9483468333, 9448300070, email:badalavanedailykoppal@gmail.com
